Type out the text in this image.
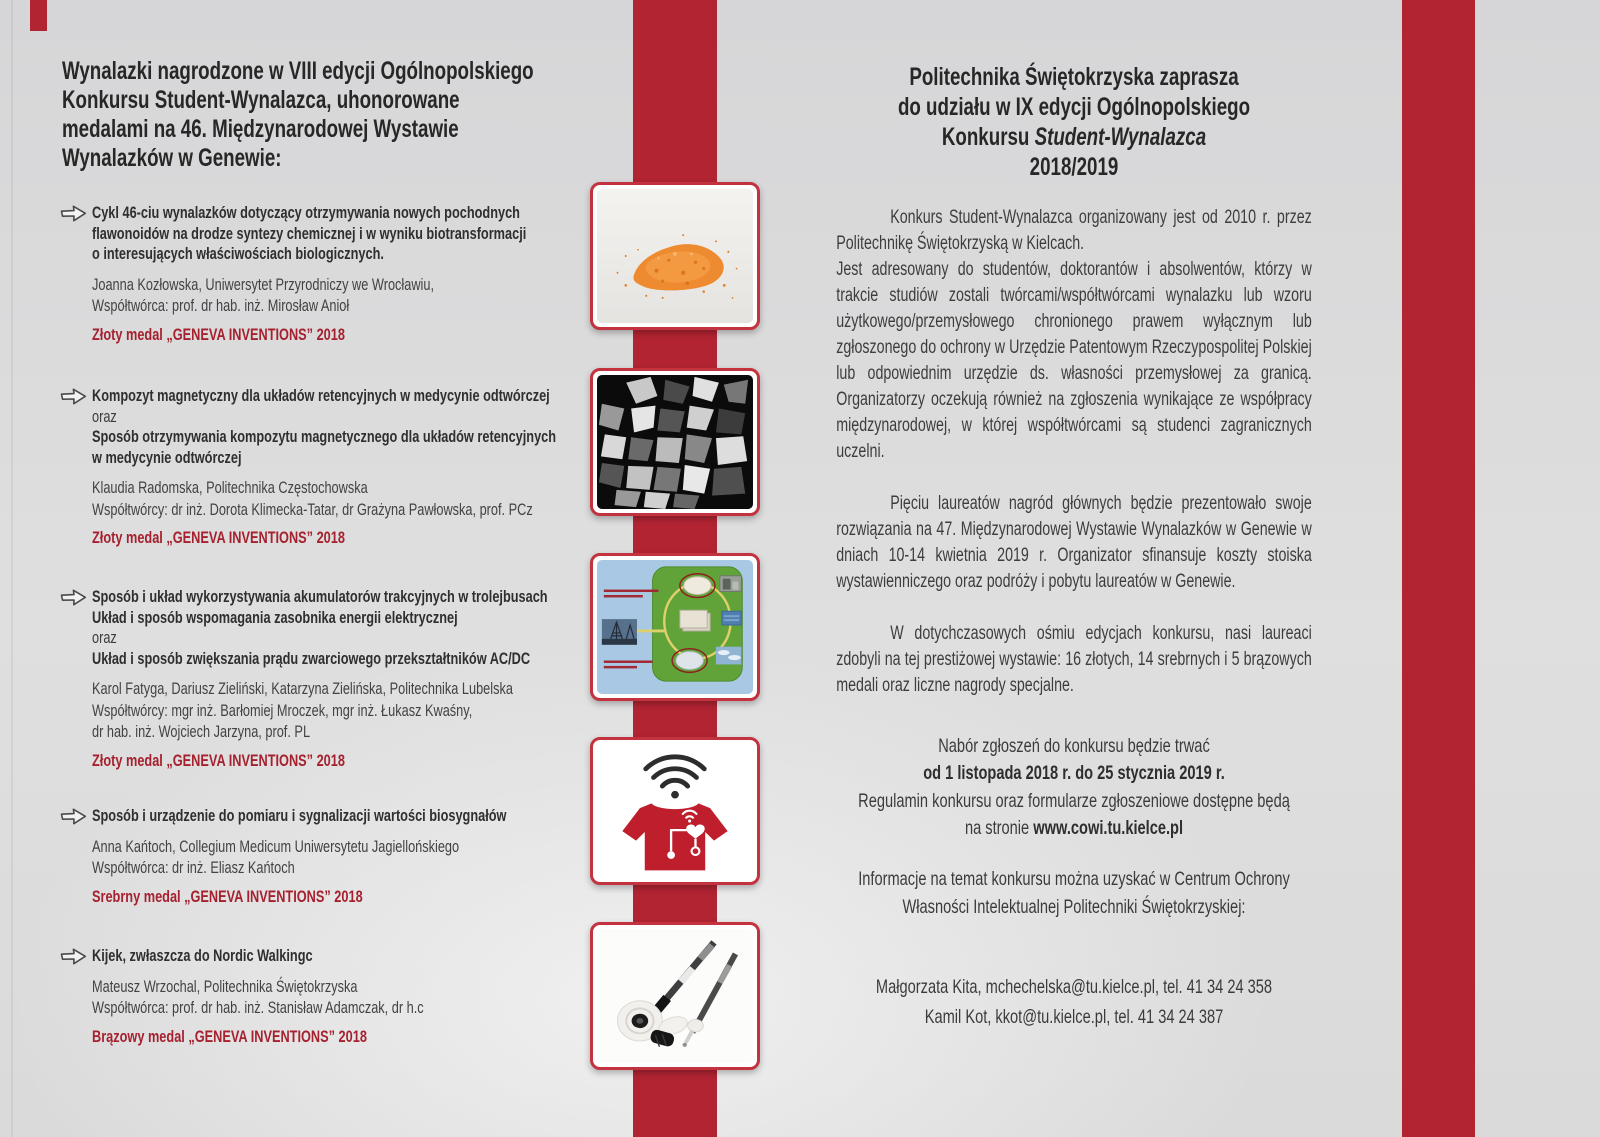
Wynalazki nagrodzone w VIII edycji Ogólnopolskiego
Konkursu Student-Wynalazca, uhonorowane
medalami na 46. Międzynarodowej Wystawie
Wynalazków w Genewie:
Cykl 46-ciu wynalazków dotyczący otrzymywania nowych pochodnych
flawonoidów na drodze syntezy chemicznej i w wyniku biotransformacji
o interesujących właściwościach biologicznych.
Joanna Kozłowska, Uniwersytet Przyrodniczy we Wrocławiu,
Współtwórca: prof. dr hab. inż. Mirosław Anioł
Złoty medal „GENEVA INVENTIONS” 2018
Kompozyt magnetyczny dla układów retencyjnych w medycynie odtwórczej
oraz
Sposób otrzymywania kompozytu magnetycznego dla układów retencyjnych
w medycynie odtwórczej
Klaudia Radomska, Politechnika Częstochowska
Współtwórcy: dr inż. Dorota Klimecka-Tatar, dr Grażyna Pawłowska, prof. PCz
Złoty medal „GENEVA INVENTIONS” 2018
Sposób i układ wykorzystywania akumulatorów trakcyjnych w trolejbusach
Układ i sposób wspomagania zasobnika energii elektrycznej
oraz
Układ i sposób zwiększania prądu zwarciowego przekształtników AC/DC
Karol Fatyga, Dariusz Zieliński, Katarzyna Zielińska, Politechnika Lubelska
Współtwórcy: mgr inż. Barłomiej Mroczek, mgr inż. Łukasz Kwaśny,
dr hab. inż. Wojciech Jarzyna, prof. PL
Złoty medal „GENEVA INVENTIONS” 2018
Sposób i urządzenie do pomiaru i sygnalizacji wartości biosygnałów
Anna Kańtoch, Collegium Medicum Uniwersytetu Jagiellońskiego
Współtwórca: dr inż. Eliasz Kańtoch
Srebrny medal „GENEVA INVENTIONS” 2018
Kijek, zwłaszcza do Nordic Walkingc
Mateusz Wrzochal, Politechnika Świętokrzyska
Współtwórca: prof. dr hab. inż. Stanisław Adamczak, dr h.c
Brązowy medal „GENEVA INVENTIONS” 2018
Politechnika Świętokrzyska zaprasza
do udziału w IX edycji Ogólnopolskiego
Konkursu Student-Wynalazca
2018/2019
Konkurs Student-Wynalazca organizowany jest od 2010 r. przez Politechnikę Świętokrzyską w Kielcach.
Jest adresowany do studentów, doktorantów i absolwentów, którzy w trakcie studiów zostali twórcami/współtwórcami wynalazku lub wzoru użytkowego/przemysłowego chronionego prawem wyłącznym lub zgłoszonego do ochrony w Urzędzie Patentowym Rzeczypospolitej Polskiej lub odpowiednim urzędzie ds. własności przemysłowej za granicą. Organizatorzy oczekują również na zgłoszenia wynikające ze współpracy międzynarodowej, w której współtwórcami są studenci zagranicznych uczelni.
Pięciu laureatów nagród głównych będzie prezentowało swoje rozwiązania na 47. Międzynarodowej Wystawie Wynalazków w Genewie w dniach 10-14 kwietnia 2019 r. Organizator sfinansuje koszty stoiska wystawienniczego oraz podróży i pobytu laureatów w Genewie.
W dotychczasowych ośmiu edycjach konkursu, nasi laureaci zdobyli na tej prestiżowej wystawie: 16 złotych, 14 srebrnych i 5 brązowych medali oraz liczne nagrody specjalne.
Nabór zgłoszeń do konkursu będzie trwać
od 1 listopada 2018 r. do 25 stycznia 2019 r.
Regulamin konkursu oraz formularze zgłoszeniowe dostępne będą
na stronie www.cowi.tu.kielce.pl
Informacje na temat konkursu można uzyskać w Centrum Ochrony
Własności Intelektualnej Politechniki Świętokrzyskiej:
Małgorzata Kita, mchechelska@tu.kielce.pl, tel. 41 34 24 358
Kamil Kot, kkot@tu.kielce.pl, tel. 41 34 24 387
